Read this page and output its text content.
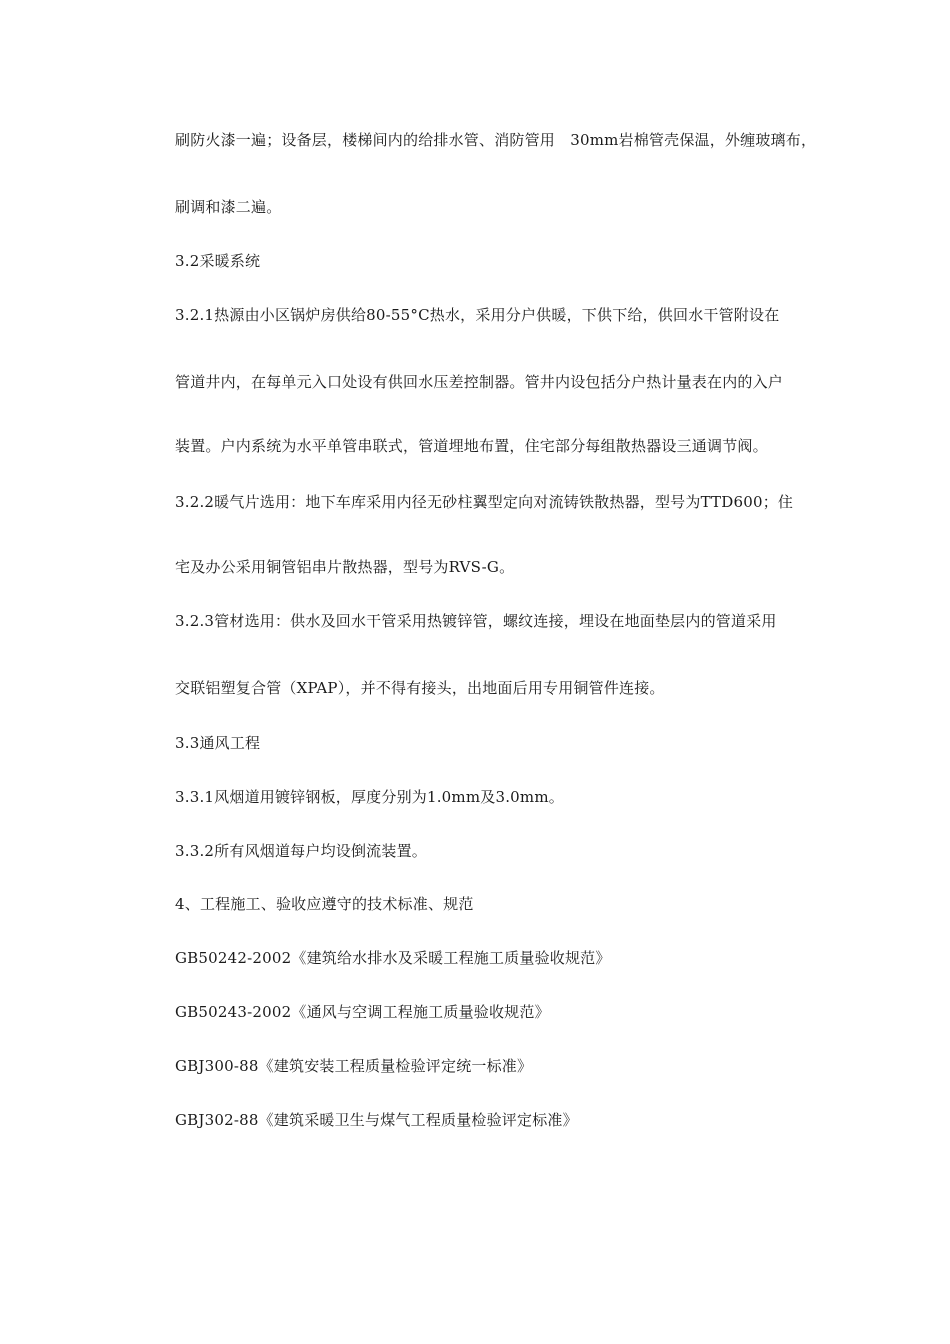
刷防火漆一遍；设备层，楼梯间内的给排水管、消防管用　30mm岩棉管壳保温，外缠玻璃布，
刷调和漆二遍。
3.2采暖系统
3.2.1热源由小区锅炉房供给80-55°C热水，采用分户供暖，下供下给，供回水干管附设在
管道井内，在每单元入口处设有供回水压差控制器。管井内设包括分户热计量表在内的入户
装置。户内系统为水平单管串联式，管道埋地布置，住宅部分每组散热器设三通调节阀。
3.2.2暖气片选用：地下车库采用内径无砂柱翼型定向对流铸铁散热器，型号为TTD600；住
宅及办公采用铜管铝串片散热器，型号为RVS-G。
3.2.3管材选用：供水及回水干管采用热镀锌管，螺纹连接，埋设在地面垫层内的管道采用
交联铝塑复合管（XPAP），并不得有接头，出地面后用专用铜管件连接。
3.3通风工程
3.3.1风烟道用镀锌钢板，厚度分别为1.0mm及3.0mm。
3.3.2所有风烟道每户均设倒流装置。
4、工程施工、验收应遵守的技术标准、规范
GB50242-2002《建筑给水排水及采暖工程施工质量验收规范》
GB50243-2002《通风与空调工程施工质量验收规范》
GBJ300-88《建筑安装工程质量检验评定统一标准》
GBJ302-88《建筑采暖卫生与煤气工程质量检验评定标准》
